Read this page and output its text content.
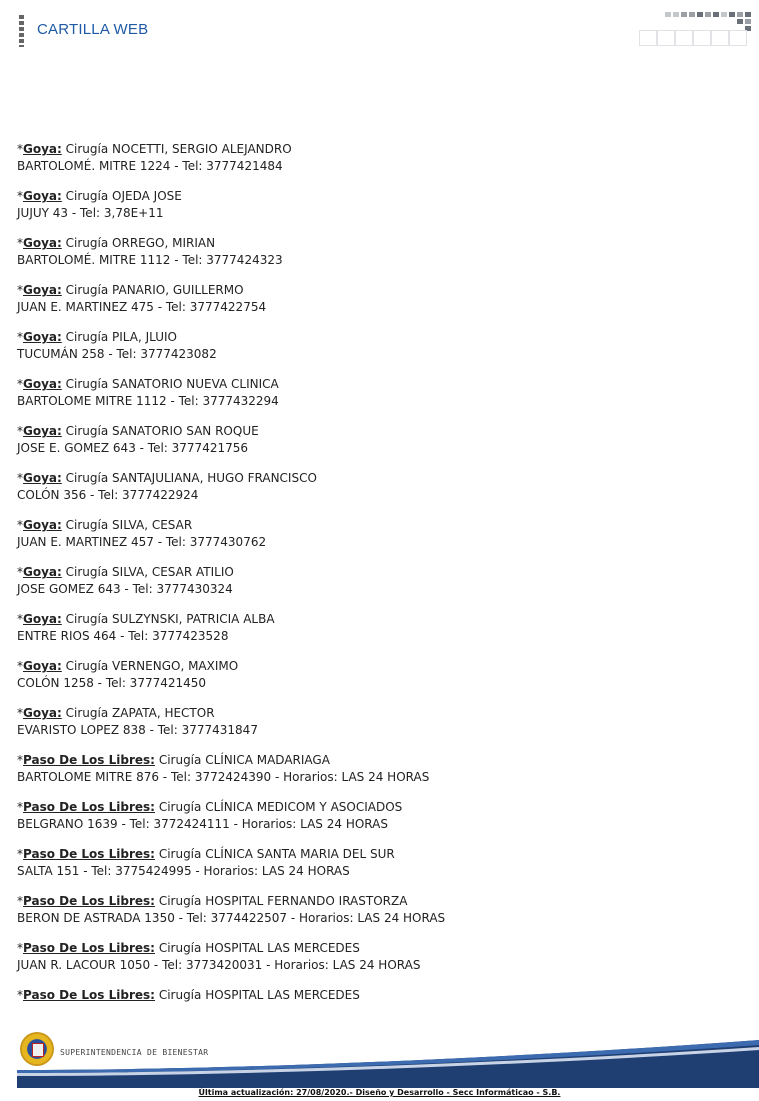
CARTILLA WEB
*Goya: Cirugía NOCETTI, SERGIO ALEJANDRO
BARTOLOMÉ. MITRE 1224 - Tel: 3777421484
*Goya: Cirugía OJEDA JOSE
JUJUY 43 - Tel: 3,78E+11
*Goya: Cirugía ORREGO, MIRIAN
BARTOLOMÉ. MITRE 1112 - Tel: 3777424323
*Goya: Cirugía PANARIO, GUILLERMO
JUAN E. MARTINEZ 475 - Tel: 3777422754
*Goya: Cirugía PILA, JLUIO
TUCUMÁN 258 - Tel: 3777423082
*Goya: Cirugía SANATORIO NUEVA CLINICA
BARTOLOME MITRE 1112 - Tel: 3777432294
*Goya: Cirugía SANATORIO SAN ROQUE
JOSE E. GOMEZ 643 - Tel: 3777421756
*Goya: Cirugía SANTAJULIANA, HUGO FRANCISCO
COLÓN 356 - Tel: 3777422924
*Goya: Cirugía SILVA, CESAR
JUAN E. MARTINEZ 457 - Tel: 3777430762
*Goya: Cirugía SILVA, CESAR ATILIO
JOSE GOMEZ 643 - Tel: 3777430324
*Goya: Cirugía SULZYNSKI, PATRICIA ALBA
ENTRE RIOS 464 - Tel: 3777423528
*Goya: Cirugía VERNENGO, MAXIMO
COLÓN 1258 - Tel: 3777421450
*Goya: Cirugía ZAPATA, HECTOR
EVARISTO LOPEZ 838 - Tel: 3777431847
*Paso De Los Libres: Cirugía CLÍNICA MADARIAGA
BARTOLOME MITRE 876 - Tel: 3772424390 - Horarios: LAS 24 HORAS
*Paso De Los Libres: Cirugía CLÍNICA MEDICOM Y ASOCIADOS
BELGRANO 1639 - Tel: 3772424111 - Horarios: LAS 24 HORAS
*Paso De Los Libres: Cirugía CLÍNICA SANTA MARIA DEL SUR
SALTA 151 - Tel: 3775424995 - Horarios: LAS 24 HORAS
*Paso De Los Libres: Cirugía HOSPITAL FERNANDO IRASTORZA
BERON DE ASTRADA 1350 - Tel: 3774422507 - Horarios: LAS 24 HORAS
*Paso De Los Libres: Cirugía HOSPITAL LAS MERCEDES
JUAN R. LACOUR 1050 - Tel: 3773420031 - Horarios: LAS 24 HORAS
*Paso De Los Libres: Cirugía HOSPITAL LAS MERCEDES
SUPERINTENDENCIA DE BIENESTAR
Última actualización: 27/08/2020.- Diseño y Desarrollo - Secc Informáticao - S.B.
